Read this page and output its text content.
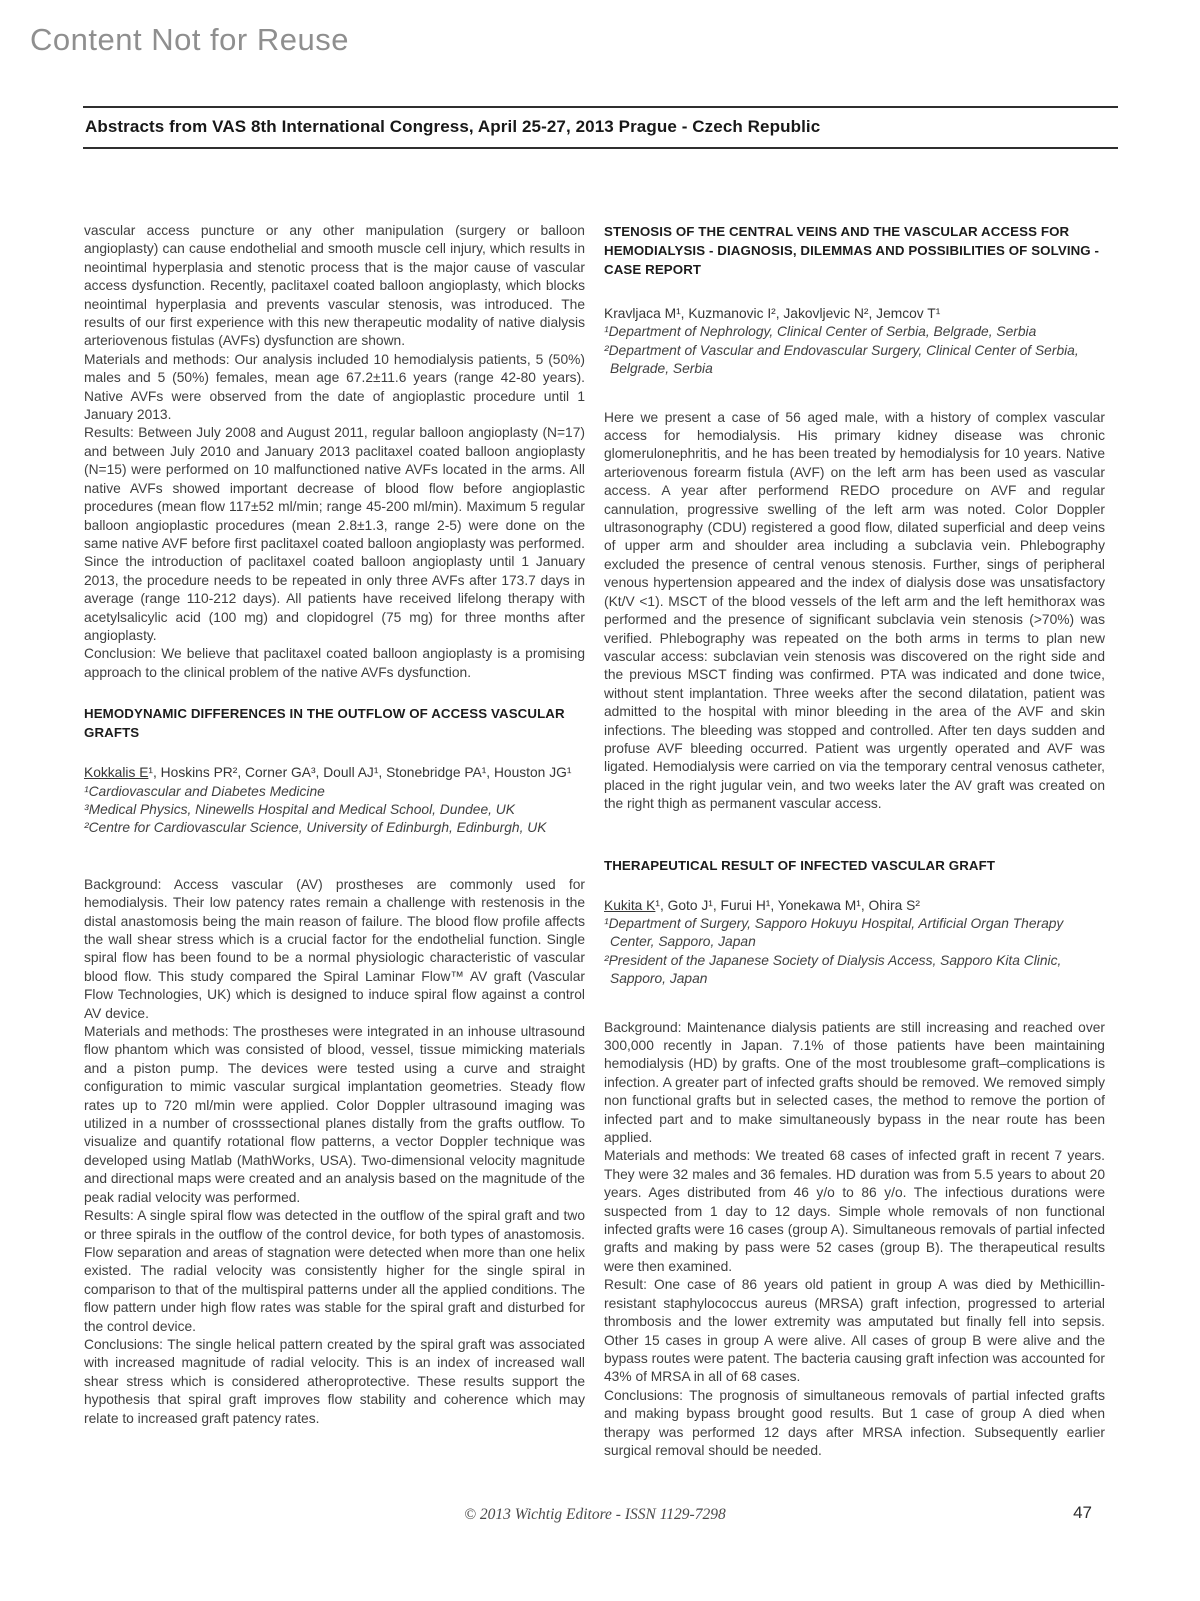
Content Not for Reuse
Abstracts from VAS 8th International Congress, April 25-27, 2013 Prague - Czech Republic

vascular access puncture or any other manipulation (surgery or balloon angioplasty) can cause endothelial and smooth muscle cell injury, which results in neointimal hyperplasia and stenotic process that is the major cause of vascular access dysfunction. Recently, paclitaxel coated balloon angioplasty, which blocks neointimal hyperplasia and prevents vascular stenosis, was introduced. The results of our first experience with this new therapeutic modality of native dialysis arteriovenous fistulas (AVFs) dysfunction are shown.

Materials and methods: Our analysis included 10 hemodialysis patients, 5 (50%) males and 5 (50%) females, mean age 67.2±11.6 years (range 42-80 years). Native AVFs were observed from the date of angioplastic procedure until 1 January 2013.

Results: Between July 2008 and August 2011, regular balloon angioplasty (N=17) and between July 2010 and January 2013 paclitaxel coated balloon angioplasty (N=15) were performed on 10 malfunctioned native AVFs located in the arms. All native AVFs showed important decrease of blood flow before angioplastic procedures (mean flow 117±52 ml/min; range 45-200 ml/min). Maximum 5 regular balloon angioplastic procedures (mean 2.8±1.3, range 2-5) were done on the same native AVF before first paclitaxel coated balloon angioplasty was performed. Since the introduction of paclitaxel coated balloon angioplasty until 1 January 2013, the procedure needs to be repeated in only three AVFs after 173.7 days in average (range 110-212 days). All patients have received lifelong therapy with acetylsalicylic acid (100 mg) and clopidogrel (75 mg) for three months after angioplasty.

Conclusion: We believe that paclitaxel coated balloon angioplasty is a promising approach to the clinical problem of the native AVFs dysfunction.

HEMODYNAMIC DIFFERENCES IN THE OUTFLOW OF ACCESS VASCULAR GRAFTS

Kokkalis E¹, Hoskins PR², Corner GA³, Doull AJ¹, Stonebridge PA¹, Houston JG¹

¹Cardiovascular and Diabetes Medicine
³Medical Physics, Ninewells Hospital and Medical School, Dundee, UK
²Centre for Cardiovascular Science, University of Edinburgh, Edinburgh, UK

Background: Access vascular (AV) prostheses are commonly used for hemodialysis. Their low patency rates remain a challenge with restenosis in the distal anastomosis being the main reason of failure. The blood flow profile affects the wall shear stress which is a crucial factor for the endothelial function. Single spiral flow has been found to be a normal physiologic characteristic of vascular blood flow. This study compared the Spiral Laminar Flow™ AV graft (Vascular Flow Technologies, UK) which is designed to induce spiral flow against a control AV device.

Materials and methods: The prostheses were integrated in an inhouse ultrasound flow phantom which was consisted of blood, vessel, tissue mimicking materials and a piston pump. The devices were tested using a curve and straight configuration to mimic vascular surgical implantation geometries. Steady flow rates up to 720 ml/min were applied. Color Doppler ultrasound imaging was utilized in a number of crosssectional planes distally from the grafts outflow. To visualize and quantify rotational flow patterns, a vector Doppler technique was developed using Matlab (MathWorks, USA). Two-dimensional velocity magnitude and directional maps were created and an analysis based on the magnitude of the peak radial velocity was performed.

Results: A single spiral flow was detected in the outflow of the spiral graft and two or three spirals in the outflow of the control device, for both types of anastomosis. Flow separation and areas of stagnation were detected when more than one helix existed. The radial velocity was consistently higher for the single spiral in comparison to that of the multispiral patterns under all the applied conditions. The flow pattern under high flow rates was stable for the spiral graft and disturbed for the control device.

Conclusions: The single helical pattern created by the spiral graft was associated with increased magnitude of radial velocity. This is an index of increased wall shear stress which is considered atheroprotective. These results support the hypothesis that spiral graft improves flow stability and coherence which may relate to increased graft patency rates.

STENOSIS OF THE CENTRAL VEINS AND THE VASCULAR ACCESS FOR HEMODIALYSIS - DIAGNOSIS, DILEMMAS AND POSSIBILITIES OF SOLVING - CASE REPORT

Kravljaca M¹, Kuzmanovic I², Jakovljevic N², Jemcov T¹

¹Department of Nephrology, Clinical Center of Serbia, Belgrade, Serbia
²Department of Vascular and Endovascular Surgery, Clinical Center of Serbia, Belgrade, Serbia

Here we present a case of 56 aged male, with a history of complex vascular access for hemodialysis. His primary kidney disease was chronic glomerulonephritis, and he has been treated by hemodialysis for 10 years. Native arteriovenous forearm fistula (AVF) on the left arm has been used as vascular access. A year after performend REDO procedure on AVF and regular cannulation, progressive swelling of the left arm was noted. Color Doppler ultrasonography (CDU) registered a good flow, dilated superficial and deep veins of upper arm and shoulder area including a subclavia vein. Phlebography excluded the presence of central venous stenosis. Further, sings of peripheral venous hypertension appeared and the index of dialysis dose was unsatisfactory (Kt/V <1). MSCT of the blood vessels of the left arm and the left hemithorax was performed and the presence of significant subclavia vein stenosis (>70%) was verified. Phlebography was repeated on the both arms in terms to plan new vascular access: subclavian vein stenosis was discovered on the right side and the previous MSCT finding was confirmed. PTA was indicated and done twice, without stent implantation. Three weeks after the second dilatation, patient was admitted to the hospital with minor bleeding in the area of the AVF and skin infections. The bleeding was stopped and controlled. After ten days sudden and profuse AVF bleeding occurred. Patient was urgently operated and AVF was ligated. Hemodialysis were carried on via the temporary central venosus catheter, placed in the right jugular vein, and two weeks later the AV graft was created on the right thigh as permanent vascular access.

THERAPEUTICAL RESULT OF INFECTED VASCULAR GRAFT

Kukita K¹, Goto J¹, Furui H¹, Yonekawa M¹, Ohira S²

¹Department of Surgery, Sapporo Hokuyu Hospital, Artificial Organ Therapy Center, Sapporo, Japan
²President of the Japanese Society of Dialysis Access, Sapporo Kita Clinic, Sapporo, Japan

Background: Maintenance dialysis patients are still increasing and reached over 300,000 recently in Japan. 7.1% of those patients have been maintaining hemodialysis (HD) by grafts. One of the most troublesome graft–complications is infection. A greater part of infected grafts should be removed. We removed simply non functional grafts but in selected cases, the method to remove the portion of infected part and to make simultaneously bypass in the near route has been applied.

Materials and methods: We treated 68 cases of infected graft in recent 7 years. They were 32 males and 36 females. HD duration was from 5.5 years to about 20 years. Ages distributed from 46 y/o to 86 y/o. The infectious durations were suspected from 1 day to 12 days. Simple whole removals of non functional infected grafts were 16 cases (group A). Simultaneous removals of partial infected grafts and making by pass were 52 cases (group B). The therapeutical results were then examined.

Result: One case of 86 years old patient in group A was died by Methicillin-resistant staphylococcus aureus (MRSA) graft infection, progressed to arterial thrombosis and the lower extremity was amputated but finally fell into sepsis. Other 15 cases in group A were alive. All cases of group B were alive and the bypass routes were patent. The bacteria causing graft infection was accounted for 43% of MRSA in all of 68 cases.

Conclusions: The prognosis of simultaneous removals of partial infected grafts and making bypass brought good results. But 1 case of group A died when therapy was performed 12 days after MRSA infection. Subsequently earlier surgical removal should be needed.

© 2013 Wichtig Editore - ISSN 1129-7298	47
